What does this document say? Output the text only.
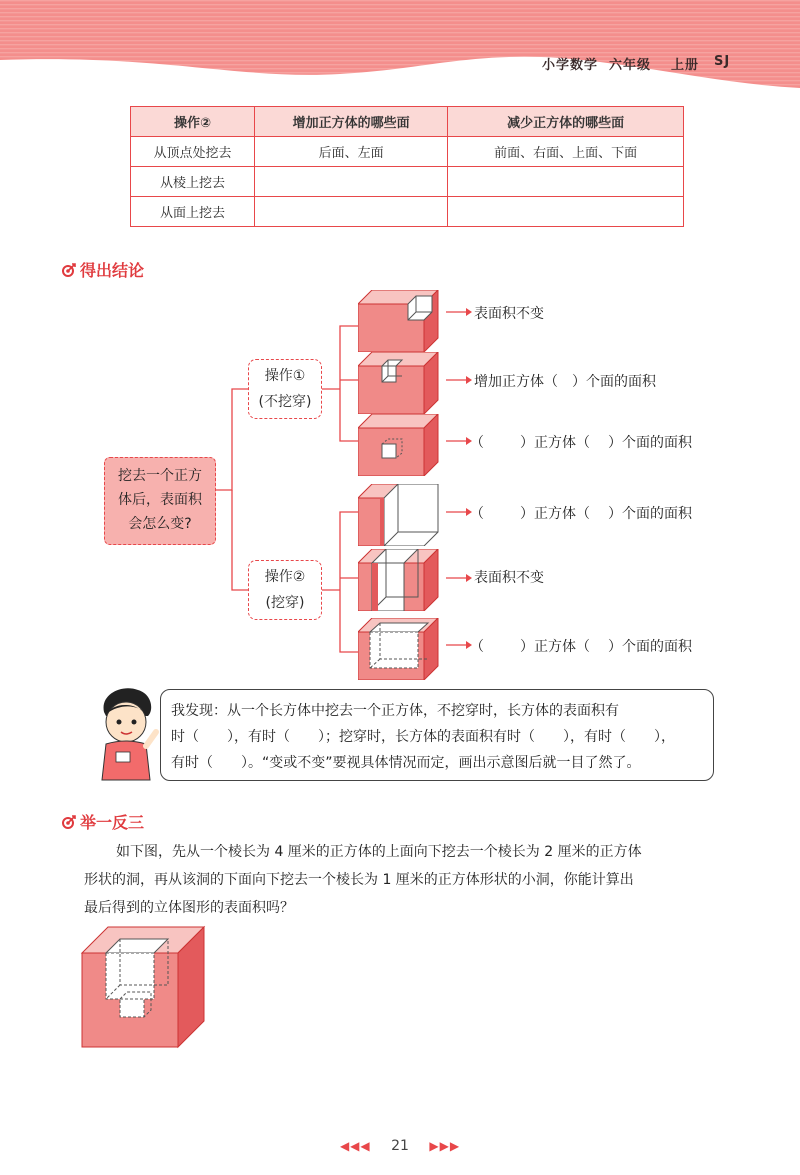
小学数学 六年级 上册 SJ
操作②	增加正方体的哪些面	减少正方体的哪些面
从顶点处挖去	后面、左面	前面、右面、上面、下面
从棱上挖去		
从面上挖去		
得出结论
挖去一个正方
体后，表面积
会怎么变?
操作①
(不挖穿)
操作②
(挖穿)
表面积不变
增加正方体（ ）个面的面积
（	）正方体（ ）个面的面积
（	）正方体（ ）个面的面积
表面积不变
（	）正方体（ ）个面的面积
我发现：从一个长方体中挖去一个正方体，不挖穿时，长方体的表面积有
时（　　），有时（　　）；挖穿时，长方体的表面积有时（　　），有时（　　），
有时（　　）。“变或不变”要视具体情况而定，画出示意图后就一目了然了。
举一反三
如下图，先从一个棱长为 4 厘米的正方体的上面向下挖去一个棱长为 2 厘米的正方体
形状的洞，再从该洞的下面向下挖去一个棱长为 1 厘米的正方体形状的小洞，你能计算出
最后得到的立体图形的表面积吗？
◀◀◀ 21 ▶▶▶
